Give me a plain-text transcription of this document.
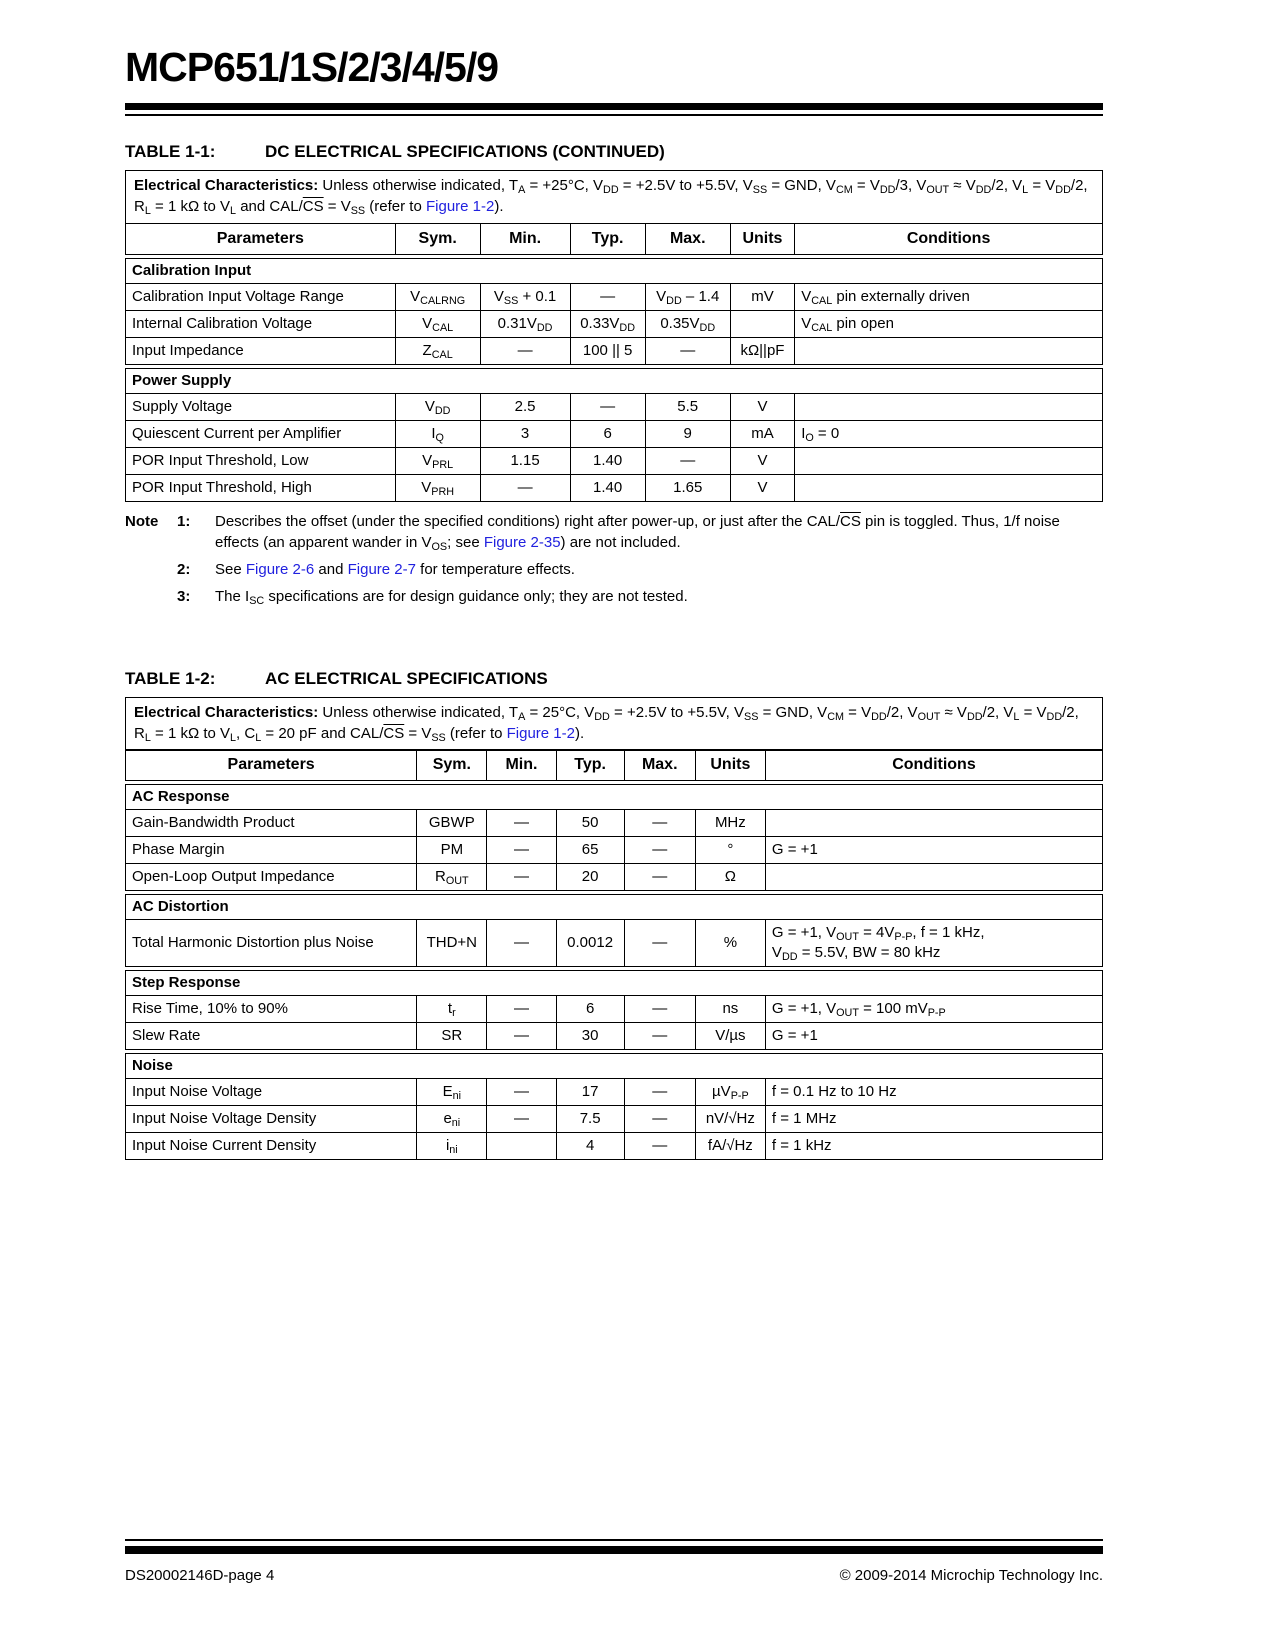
MCP651/1S/2/3/4/5/9
TABLE 1-1:	DC ELECTRICAL SPECIFICATIONS (CONTINUED)
Electrical Characteristics: Unless otherwise indicated, $T_A = +25^\circ C$, $V_{DD} = +2.5V$ to +5.5V, $V_{SS}$ = GND, $V_{CM} = V_{DD}/3$, $V_{OUT} \approx V_{DD}/2$, $V_L = V_{DD}/2$, $R_L = 1$ kΩ to $V_L$ and CAL/$\overline{CS} = V_{SS}$ (refer to Figure 1-2).
Parameters	Sym.	Min.	Typ.	Max.	Units	Conditions
Calibration Input						
Calibration Input Voltage Range	$V_{CALRNG}$	$V_{SS} + 0.1$	—	$V_{DD} - 1.4$	mV	$V_{CAL}$ pin externally driven
Internal Calibration Voltage	$V_{CAL}$	$0.31V_{DD}$	$0.33V_{DD}$	$0.35V_{DD}$		$V_{CAL}$ pin open
Input Impedance	$Z_{CAL}$	—	100 || 5	—	kΩ||pF	
Power Supply						
Supply Voltage	$V_{DD}$	2.5	—	5.5	V	
Quiescent Current per Amplifier	$I_Q$	3	6	9	mA	$I_O = 0$
POR Input Threshold, Low	$V_{PRL}$	1.15	1.40	—	V	
POR Input Threshold, High	$V_{PRH}$	—	1.40	1.65	V	
Note	1:	Describes the offset (under the specified conditions) right after power-up, or just after the CAL/$\overline{CS}$ pin is toggled. Thus, 1/f noise effects (an apparent wander in $V_{OS}$; see Figure 2-35) are not included.
2:	See Figure 2-6 and Figure 2-7 for temperature effects.
3:	The $I_{SC}$ specifications are for design guidance only; they are not tested.
TABLE 1-2:	AC ELECTRICAL SPECIFICATIONS
Electrical Characteristics: Unless otherwise indicated, $T_A = 25^\circ C$, $V_{DD} = +2.5V$ to +5.5V, $V_{SS}$ = GND, $V_{CM} = V_{DD}/2$, $V_{OUT} \approx V_{DD}/2$, $V_L = V_{DD}/2$, $R_L = 1$ kΩ to $V_L$, $C_L = 20$ pF and CAL/$\overline{CS} = V_{SS}$ (refer to Figure 1-2).
Parameters	Sym.	Min.	Typ.	Max.	Units	Conditions
AC Response						
Gain-Bandwidth Product	GBWP	—	50	—	MHz	
Phase Margin	PM	—	65	—	°	G = +1
Open-Loop Output Impedance	$R_{OUT}$	—	20	—	Ω	
AC Distortion
Total Harmonic Distortion plus Noise	THD+N	—	0.0012	—	%	G = +1, $V_{OUT} = 4V_{P-P}$, f = 1 kHz,
$V_{DD} = 5.5V$, BW = 80 kHz
Step Response						
Rise Time, 10% to 90%	$t_r$	—	6	—	ns	G = +1, $V_{OUT} = 100$ $mV_{P-P}$
Slew Rate	SR	—	30	—	V/µs	G = +1
Noise						
Input Noise Voltage	$E_{ni}$	—	17	—	µV$_{P-P}$	f = 0.1 Hz to 10 Hz
Input Noise Voltage Density	$e_{ni}$	—	7.5	—	nV/√Hz	f = 1 MHz
Input Noise Current Density	$i_{ni}$		4	—	fA/√Hz	f = 1 kHz
DS20002146D-page 4	© 2009-2014 Microchip Technology Inc.
